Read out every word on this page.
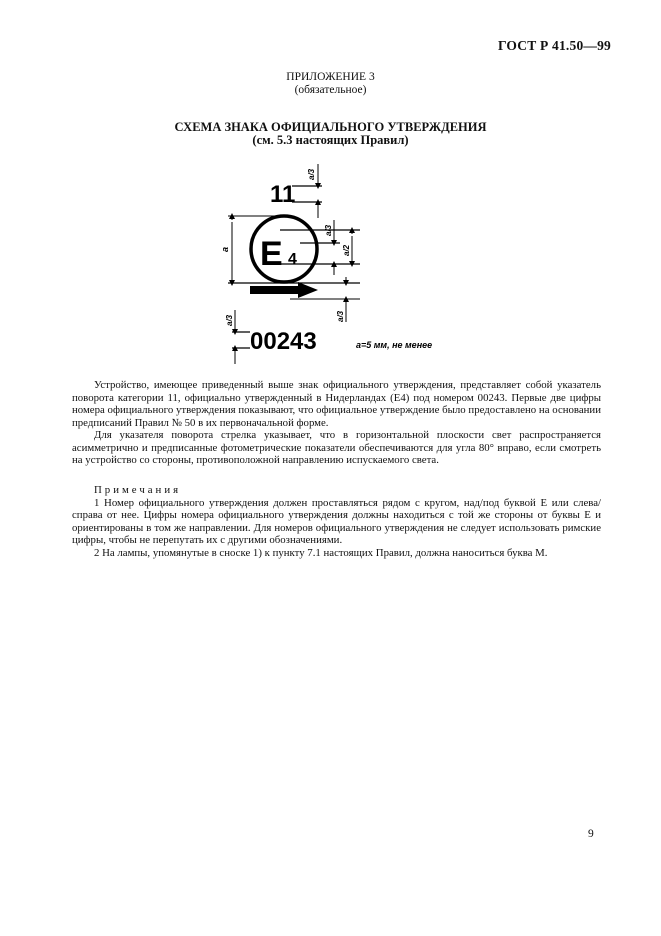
ГОСТ Р 41.50—99
ПРИЛОЖЕНИЕ 3
(обязательное)
СХЕМА ЗНАКА ОФИЦИАЛЬНОГО УТВЕРЖДЕНИЯ
(см. 5.3 настоящих Правил)
11
a/3
E 4
a
a/3
a/2
a/3
00243
a/3
a=5 мм, не менее

Устройство, имеющее приведенный выше знак официального утверждения, представляет собой указатель поворота категории 11, официально утвержденный в Нидерландах (E4) под номером 00243. Первые две цифры номера официального утверждения показывают, что официальное утверждение было предоставлено на основании предписаний Правил № 50 в их первоначальной форме.

Для указателя поворота стрелка указывает, что в горизонтальной плоскости свет распространяется асимметрично и предписанные фотометрические показатели обеспечиваются для угла 80° вправо, если смотреть на устройство со стороны, противоположной направлению испускаемого света.

Примечания

1 Номер официального утверждения должен проставляться рядом с кругом, над/под буквой E или слева/справа от нее. Цифры номера официального утверждения должны находиться с той же стороны от буквы E и ориентированы в том же направлении. Для номеров официального утверждения не следует использовать римские цифры, чтобы не перепутать их с другими обозначениями.

2 На лампы, упомянутые в сноске 1) к пункту 7.1 настоящих Правил, должна наноситься буква М.

9
